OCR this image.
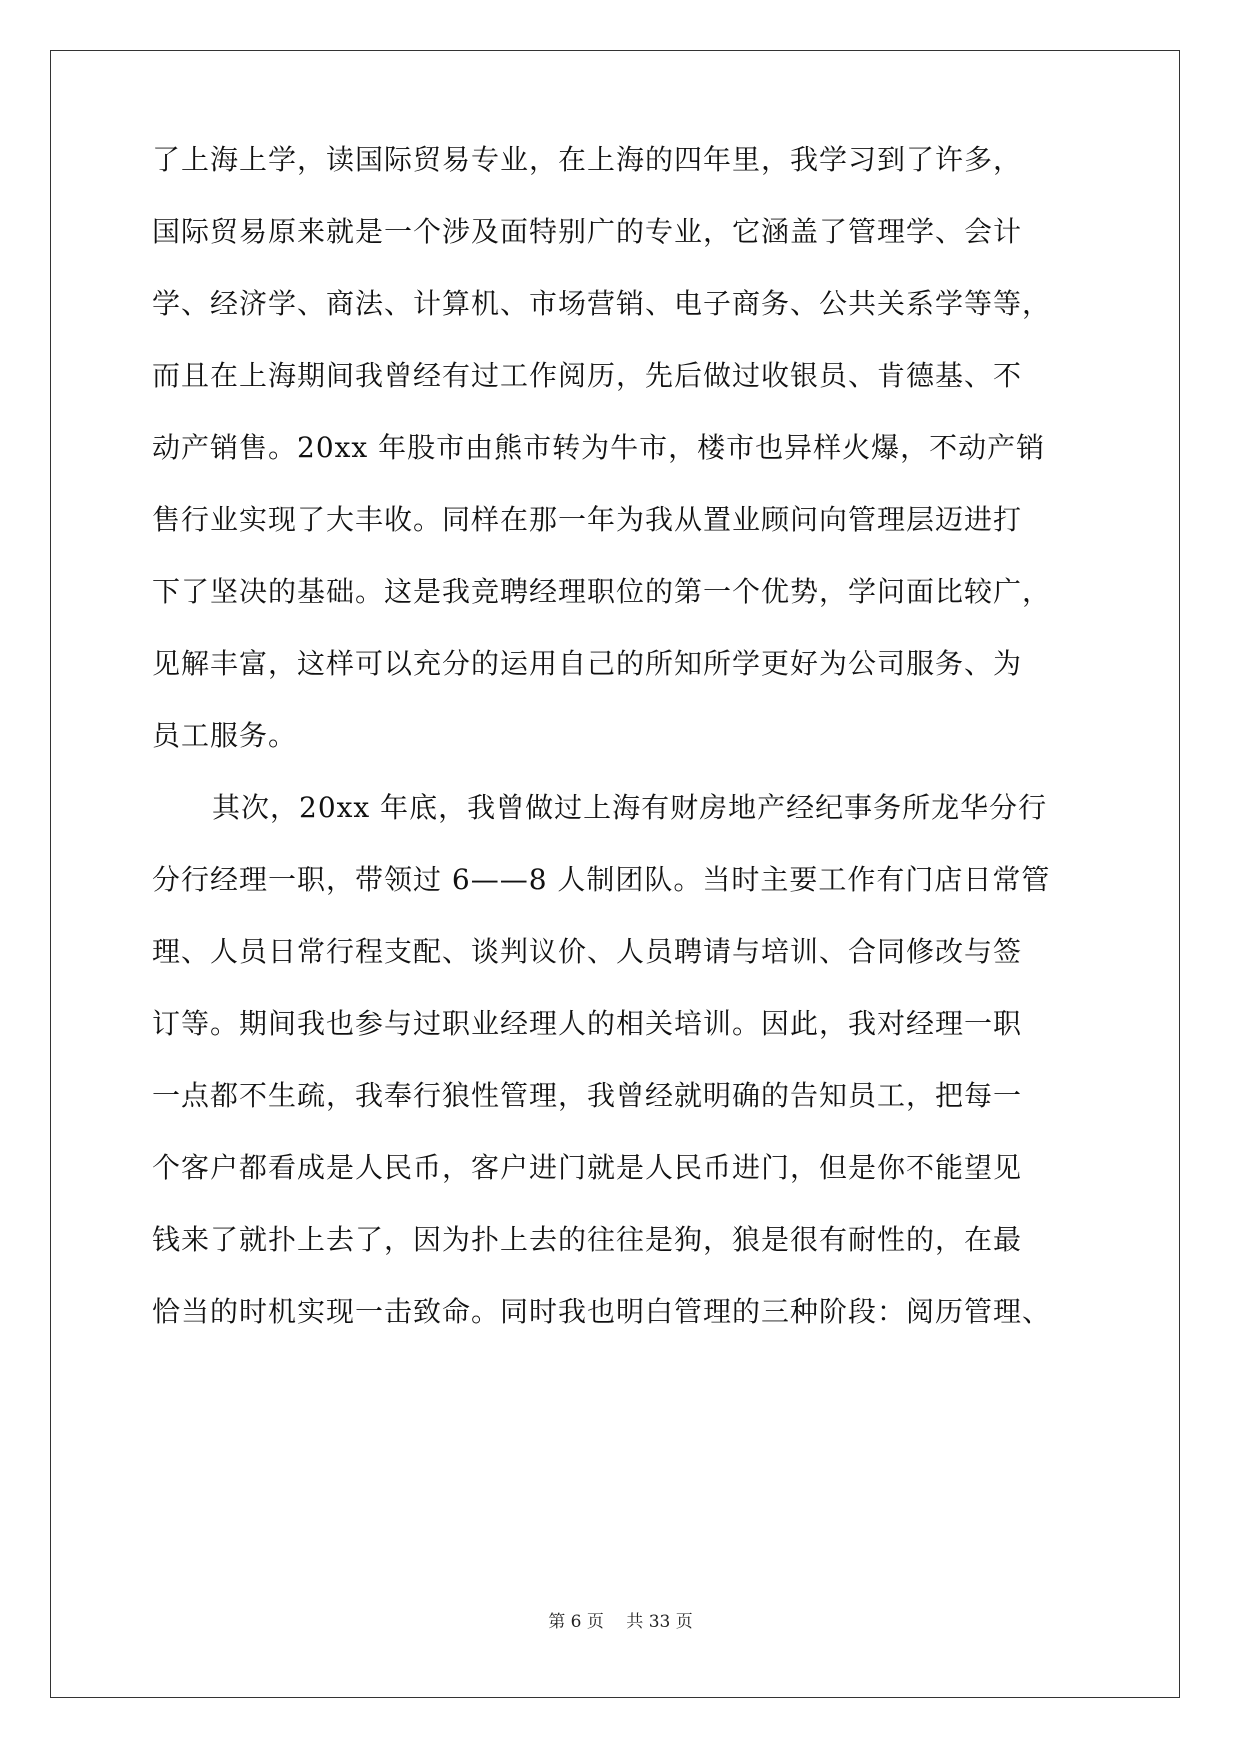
了上海上学，读国际贸易专业，在上海的四年里，我学习到了许多，
国际贸易原来就是一个涉及面特别广的专业，它涵盖了管理学、会计
学、经济学、商法、计算机、市场营销、电子商务、公共关系学等等，
而且在上海期间我曾经有过工作阅历，先后做过收银员、肯德基、不
动产销售。20xx 年股市由熊市转为牛市，楼市也异样火爆，不动产销
售行业实现了大丰收。同样在那一年为我从置业顾问向管理层迈进打
下了坚决的基础。这是我竞聘经理职位的第一个优势，学问面比较广，
见解丰富，这样可以充分的运用自己的所知所学更好为公司服务、为
员工服务。
其次，20xx 年底，我曾做过上海有财房地产经纪事务所龙华分行
分行经理一职，带领过 6——8 人制团队。当时主要工作有门店日常管
理、人员日常行程支配、谈判议价、人员聘请与培训、合同修改与签
订等。期间我也参与过职业经理人的相关培训。因此，我对经理一职
一点都不生疏，我奉行狼性管理，我曾经就明确的告知员工，把每一
个客户都看成是人民币，客户进门就是人民币进门，但是你不能望见
钱来了就扑上去了，因为扑上去的往往是狗，狼是很有耐性的，在最
恰当的时机实现一击致命。同时我也明白管理的三种阶段：阅历管理、
第 6 页　 共 33 页
